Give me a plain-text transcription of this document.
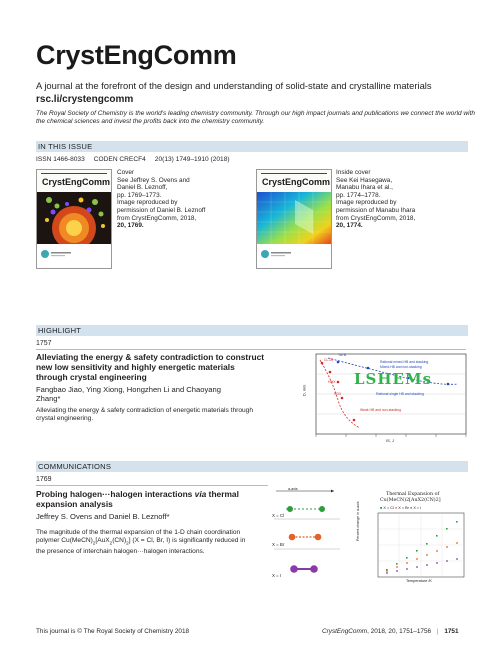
CrystEngComm
A journal at the forefront of the design and understanding of solid-state and crystalline materials
rsc.li/crystengcomm
The Royal Society of Chemistry is the world's leading chemistry community. Through our high impact journals and publications we connect the world with the chemical sciences and invest the profits back into the chemistry community.
IN THIS ISSUE
ISSN 1466-8033 CODEN CRECF4 20(13) 1749–1910 (2018)
CrystEngComm
Cover
See Jeffrey S. Ovens and
Daniel B. Leznoff,
pp. 1769–1773.
Image reproduced by
permission of Daniel B. Leznoff
from CrystEngComm, 2018,
20, 1769.
CrystEngComm
Inside cover
See Kei Hasegawa,
Manabu Ihara et al.,
pp. 1774–1778.
Image reproduced by
permission of Manabu Ihara
from CrystEngComm, 2018,
20, 1774.
HIGHLIGHT
1757
Alleviating the energy & safety contradiction to construct new low sensitivity and highly energetic materials through crystal engineering
Fangbao Jiao, Ying Xiong, Hongzhen Li and Chaoyang Zhang*
Alleviating the energy & safety contradiction of energetic materials through crystal engineering.
LSHEMs
D, m/s
IS, J
TATB
Rational mixed-HB and stacking
Mixed-HB and non-stacking
Rational single HB and stacking
Weak HB and non-stacking
HMX
RDX
CL-20
COMMUNICATIONS
1769
Probing halogen···halogen interactions via thermal expansion analysis
Jeffrey S. Ovens and Daniel B. Leznoff*
The magnitude of the thermal expansion of the 1-D chain coordination polymer $Cu(MeCN)_2[AuX_2(CN)_2] (X = Cl$, Br, I) is significantly reduced in the presence of interchain halogen···halogen interactions.
a-axis
X = Cl
X = Br
X = I
Thermal Expansion of
Cu(MeCN)2[AuX2(CN)2]
■ X = Cl ● X = Br ● X = I
Percent change in a-axis
Temperature /K
This journal is © The Royal Society of Chemistry 2018	CrystEngComm, 2018, 20, 1751–1756 | 1751
